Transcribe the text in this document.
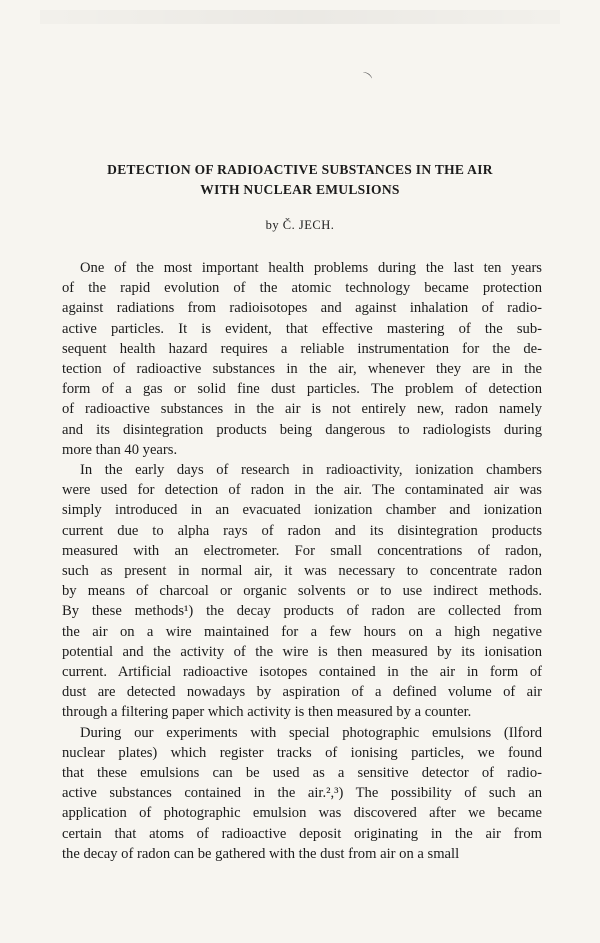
⌒
DETECTION OF RADIOACTIVE SUBSTANCES IN THE AIR
WITH NUCLEAR EMULSIONS
by Č. JECH.

One of the most important health problems during the last ten years
of the rapid evolution of the atomic technology became protection
against radiations from radioisotopes and against inhalation of radio-
active particles. It is evident, that effective mastering of the sub-
sequent health hazard requires a reliable instrumentation for the de-
tection of radioactive substances in the air, whenever they are in the
form of a gas or solid fine dust particles. The problem of detection
of radioactive substances in the air is not entirely new, radon namely
and its disintegration products being dangerous to radiologists during
more than 40 years.

In the early days of research in radioactivity, ionization chambers
were used for detection of radon in the air. The contaminated air was
simply introduced in an evacuated ionization chamber and ionization
current due to alpha rays of radon and its disintegration products
measured with an electrometer. For small concentrations of radon,
such as present in normal air, it was necessary to concentrate radon
by means of charcoal or organic solvents or to use indirect methods.
By these methods¹) the decay products of radon are collected from
the air on a wire maintained for a few hours on a high negative
potential and the activity of the wire is then measured by its ionisation
current. Artificial radioactive isotopes contained in the air in form of
dust are detected nowadays by aspiration of a defined volume of air
through a filtering paper which activity is then measured by a counter.

During our experiments with special photographic emulsions (Ilford
nuclear plates) which register tracks of ionising particles, we found
that these emulsions can be used as a sensitive detector of radio-
active substances contained in the air.²,³) The possibility of such an
application of photographic emulsion was discovered after we became
certain that atoms of radioactive deposit originating in the air from
the decay of radon can be gathered with the dust from air on a small
